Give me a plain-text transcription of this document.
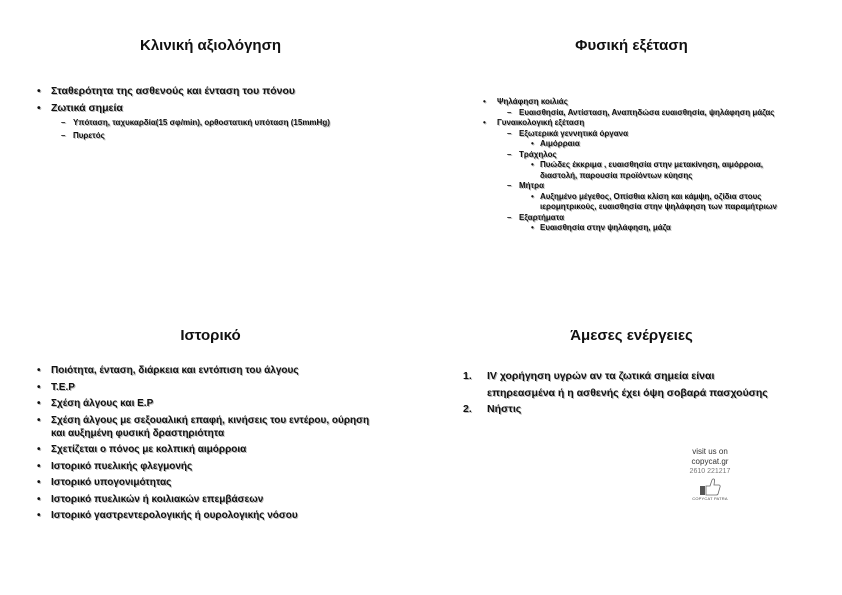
Κλινική αξιολόγηση
• Σταθερότητα της ασθενούς και ένταση του πόνου
• Ζωτικά σημεία
– Υπόταση, ταχυκαρδία(15 σφ/min), ορθοστατική υπόταση (15mmHg)
– Πυρετός
Φυσική εξέταση
• Ψηλάφηση κοιλιάς
– Ευαισθησία, Αντίσταση, Αναπηδώσα ευαισθησία, ψηλάφηση μάζας
• Γυναικολογική εξέταση
– Εξωτερικά γεννητικά όργανα
• Αιμόρραια
– Τράχηλος
• Πυώδες έκκριμα , ευαισθησία στην μετακίνηση, αιμόρροια, διαστολή, παρουσία προϊόντων κύησης
– Μήτρα
• Αυξημένο μέγεθος, Οπίσθια κλίση και κάμψη, οζίδια στους ιερομητρικούς, ευαισθησία στην ψηλάφηση των παραμήτριων
– Εξαρτήματα
• Ευαισθησία στην ψηλάφηση, μάζα
Ιστορικό
• Ποιότητα, ένταση, διάρκεια και εντόπιση του άλγους
• Τ.Ε.Ρ
• Σχέση άλγους και Ε.Ρ
• Σχέση άλγους με σεξουαλική επαφή, κινήσεις του εντέρου, ούρηση και αυξημένη φυσική δραστηριότητα
• Σχετίζεται ο πόνος με κολπική αιμόρροια
• Ιστορικό πυελικής φλεγμονής
• Ιστορικό υπογονιμότητας
• Ιστορικό πυελικών ή κοιλιακών επεμβάσεων
• Ιστορικό γαστρεντερολογικής ή ουρολογικής νόσου
Άμεσες ενέργειες
1. IV χορήγηση υγρών αν τα ζωτικά σημεία είναι επηρεασμένα ή η ασθενής έχει όψη σοβαρά πασχούσης
2. Νήστις
visit us on
copycat.gr
2610 221217
COPYCAT PATRA
